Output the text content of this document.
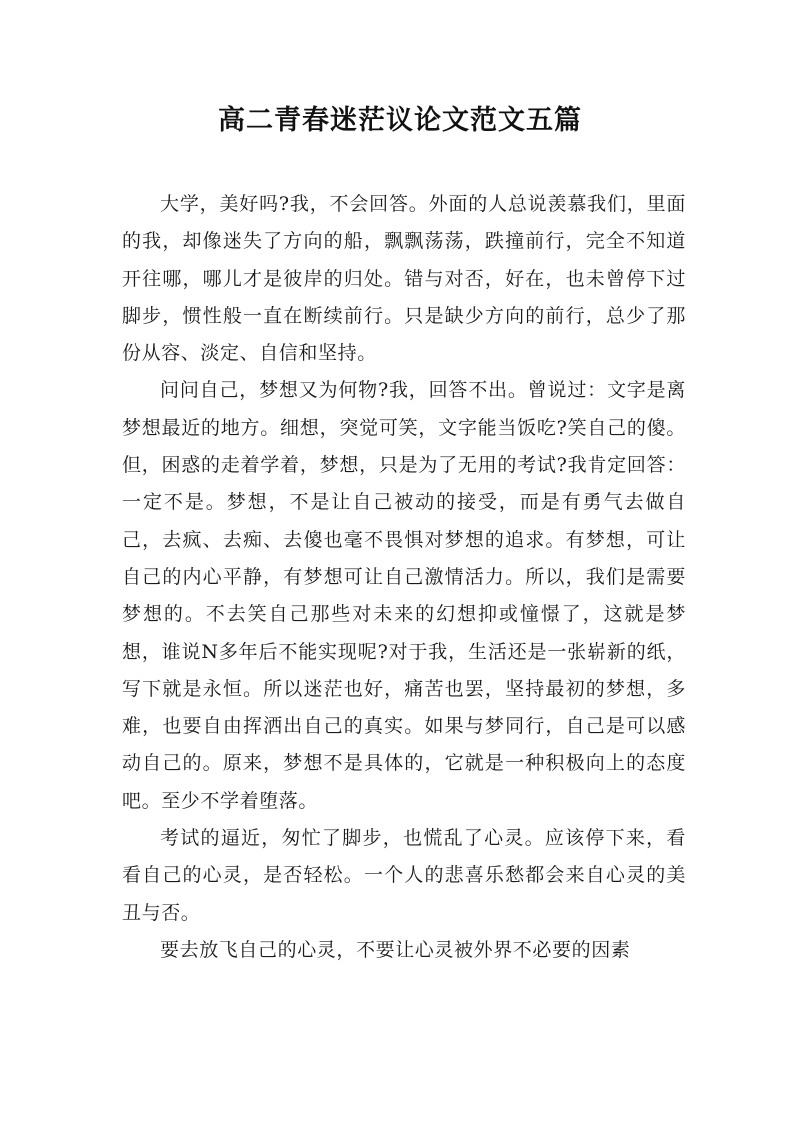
高二青春迷茫议论文范文五篇

大学，美好吗?我，不会回答。外面的人总说羡慕我们，里面的我，却像迷失了方向的船，飘飘荡荡，跌撞前行，完全不知道开往哪，哪儿才是彼岸的归处。错与对否，好在，也未曾停下过脚步，惯性般一直在断续前行。只是缺少方向的前行，总少了那份从容、淡定、自信和坚持。

问问自己，梦想又为何物?我，回答不出。曾说过：文字是离梦想最近的地方。细想，突觉可笑，文字能当饭吃?笑自己的傻。但，困惑的走着学着，梦想，只是为了无用的考试?我肯定回答：一定不是。梦想，不是让自己被动的接受，而是有勇气去做自己，去疯、去痴、去傻也毫不畏惧对梦想的追求。有梦想，可让自己的内心平静，有梦想可让自己激情活力。所以，我们是需要梦想的。不去笑自己那些对未来的幻想抑或憧憬了，这就是梦想，谁说N多年后不能实现呢?对于我，生活还是一张崭新的纸，写下就是永恒。所以迷茫也好，痛苦也罢，坚持最初的梦想，多难，也要自由挥洒出自己的真实。如果与梦同行，自己是可以感动自己的。原来，梦想不是具体的，它就是一种积极向上的态度吧。至少不学着堕落。

考试的逼近，匆忙了脚步，也慌乱了心灵。应该停下来，看看自己的心灵，是否轻松。一个人的悲喜乐愁都会来自心灵的美丑与否。

要去放飞自己的心灵，不要让心灵被外界不必要的因素
